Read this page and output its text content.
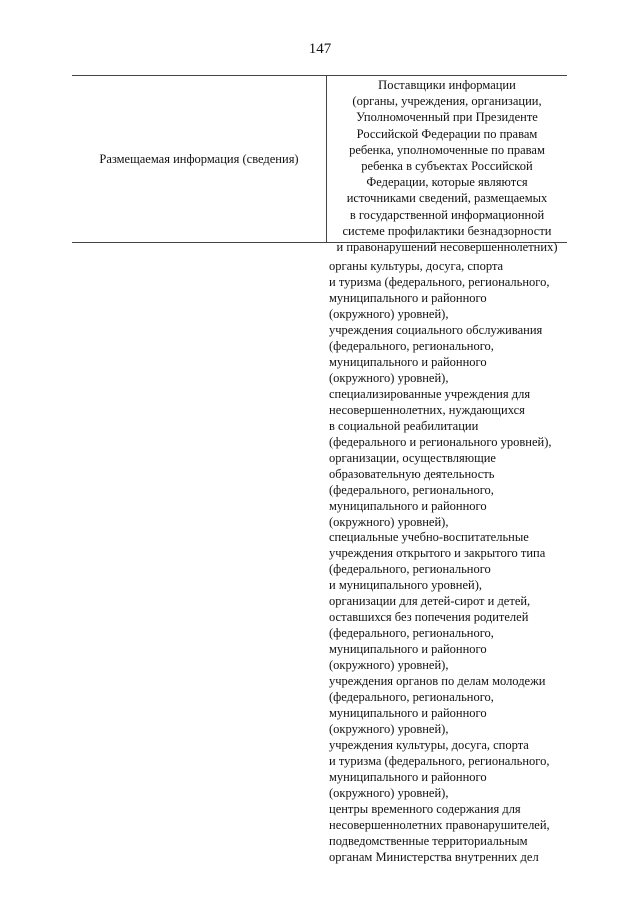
147
Размещаемая информация (сведения)
Поставщики информации
(органы, учреждения, организации,
Уполномоченный при Президенте
Российской Федерации по правам
ребенка, уполномоченные по правам
ребенка в субъектах Российской
Федерации, которые являются
источниками сведений, размещаемых
в государственной информационной
системе профилактики безнадзорности
и правонарушений несовершеннолетних)
органы культуры, досуга, спорта
и туризма (федерального, регионального,
муниципального и районного
(окружного) уровней),
учреждения социального обслуживания
(федерального, регионального,
муниципального и районного
(окружного) уровней),
специализированные учреждения для
несовершеннолетних, нуждающихся
в социальной реабилитации
(федерального и регионального уровней),
организации, осуществляющие
образовательную деятельность
(федерального, регионального,
муниципального и районного
(окружного) уровней),
специальные учебно-воспитательные
учреждения открытого и закрытого типа
(федерального, регионального
и муниципального уровней),
организации для детей-сирот и детей,
оставшихся без попечения родителей
(федерального, регионального,
муниципального и районного
(окружного) уровней),
учреждения органов по делам молодежи
(федерального, регионального,
муниципального и районного
(окружного) уровней),
учреждения культуры, досуга, спорта
и туризма (федерального, регионального,
муниципального и районного
(окружного) уровней),
центры временного содержания для
несовершеннолетних правонарушителей,
подведомственные территориальным
органам Министерства внутренних дел
